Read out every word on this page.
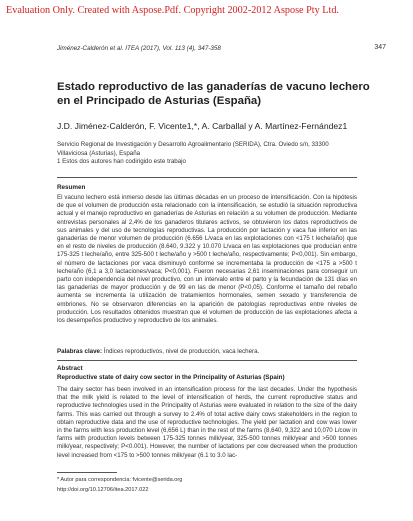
Evaluation Only. Created with Aspose.Pdf. Copyright 2002-2012 Aspose Pty Ltd.
Jiménez-Calderón et al. ITEA (2017), Vol. 113 (4), 347-358	347
Estado reproductivo de las ganaderías de vacuno lechero en el Principado de Asturias (España)
J.D. Jiménez-Calderón, F. Vicente1,*, A. Carballal y A. Martínez-Fernández1

Servicio Regional de Investigación y Desarrollo Agroalimentario (SERIDA), Ctra. Oviedo s/n, 33300 Villaviciosa (Asturias), España

1 Estos dos autores han codirigido este trabajo

Resumen

El vacuno lechero está inmerso desde las últimas décadas en un proceso de intensificación. Con la hipótesis de que el volumen de producción esta relacionado con la intensificación, se estudió la situación reproductiva actual y el manejo reproductivo en ganaderías de Asturias en relación a su volumen de producción. Mediante entrevistas personales al 2,4% de los ganaderos titulares activos, se obtuvieron los datos reproductivos de sus animales y del uso de tecnologías reproductivas. La producción por lactación y vaca fue inferior en las ganaderías de menor volumen de producción (6.656 L/vaca en las explotaciones con <175 t leche/año) que en el resto de niveles de producción (8.640, 9.322 y 10.070 L/vaca en las explotaciones que producían entre 175-325 t leche/año, entre 325-500 t leche/año y >500 t leche/año, respectivamente; P<0,001). Sin embargo, el número de lactaciones por vaca disminuyó conforme se incrementaba la producción de <175 a >500 t leche/año (6,1 a 3,0 lactaciones/vaca; P<0,001). Fueron necesarias 2,61 inseminaciones para conseguir un parto con independencia del nivel productivo, con un intervalo entre el parto y la fecundación de 131 días en las ganaderías de mayor producción y de 99 en las de menor (P<0,05). Conforme el tamaño del rebaño aumenta se incrementa la utilización de tratamientos hormonales, semen sexado y transferencia de embriones. No se observaron diferencias en la aparición de patologías reproductivas entre niveles de producción. Los resultados obtenidos muestran que el volumen de producción de las explotaciones afecta a los desempeños productivo y reproductivo de los animales.

Palabras clave: Índices reproductivos, nivel de producción, vaca lechera.
Abstract
Reproductive state of dairy cow sector in the Principality of Asturias (Spain)

The dairy sector has been involved in an intensification process for the last decades. Under the hypothesis that the milk yield is related to the level of intensification of herds, the current reproductive status and reproductive technologies used in the Principality of Asturias were evaluated in relation to the size of the dairy farms. This was carried out through a survey to 2.4% of total active dairy cows stakeholders in the region to obtain reproductive data and the use of reproductive technologies. The yield per lactation and cow was lower in the farms with less production level (6,656 L) than in the rest of the farms (8,640, 9,322 and 10,070 L/cow in farms with production levels between 175-325 tonnes milk/year, 325-500 tonnes milk/year and >500 tonnes milk/year, respectively; P<0.001). However, the number of lactations per cow decreased when the production level increased from <175 to >500 tonnes milk/year (6.1 to 3.0 lac-

* Autor para correspondencia: fvicente@serida.org
http://doi.org/10.12706/itea.2017.022
